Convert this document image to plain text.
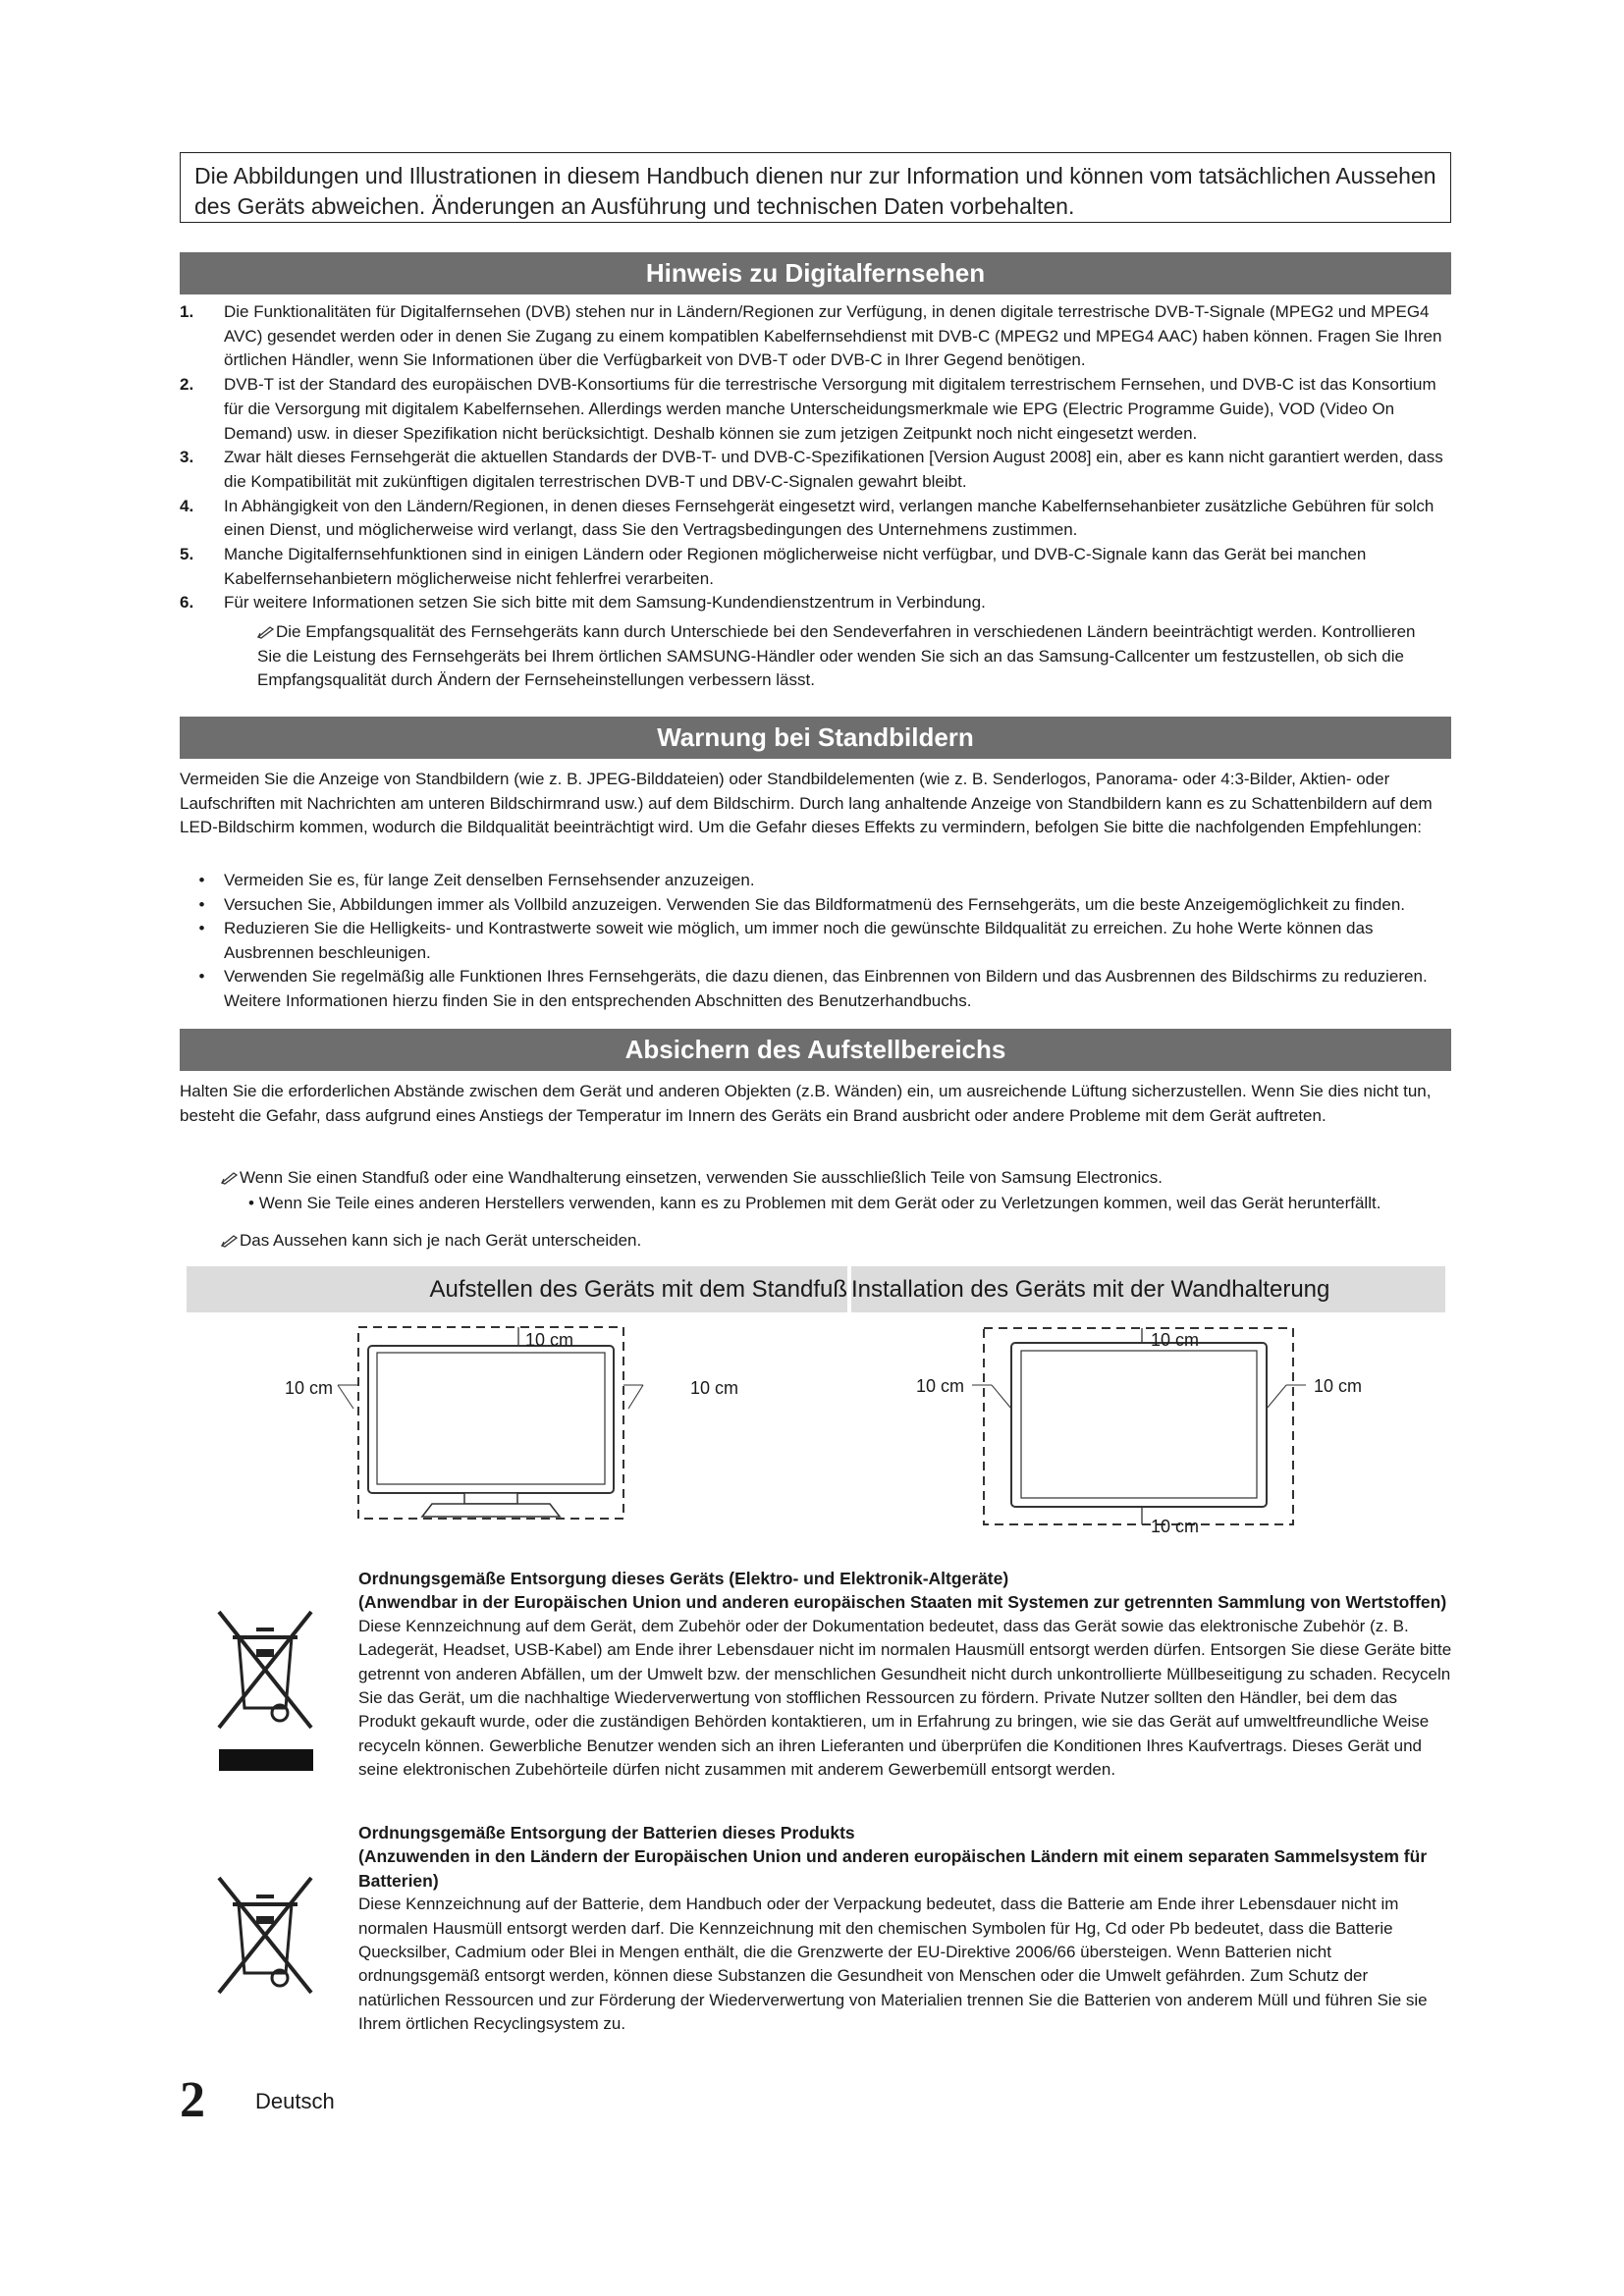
Die Abbildungen und Illustrationen in diesem Handbuch dienen nur zur Information und können vom tatsächlichen Aussehen des Geräts abweichen. Änderungen an Ausführung und technischen Daten vorbehalten.
Hinweis zu Digitalfernsehen
1.	Die Funktionalitäten für Digitalfernsehen (DVB) stehen nur in Ländern/Regionen zur Verfügung, in denen digitale terrestrische DVB-T-Signale (MPEG2 und MPEG4 AVC) gesendet werden oder in denen Sie Zugang zu einem kompatiblen Kabelfernsehdienst mit DVB-C (MPEG2 und MPEG4 AAC) haben können. Fragen Sie Ihren örtlichen Händler, wenn Sie Informationen über die Verfügbarkeit von DVB-T oder DVB-C in Ihrer Gegend benötigen.
2.	DVB-T ist der Standard des europäischen DVB-Konsortiums für die terrestrische Versorgung mit digitalem terrestrischem Fernsehen, und DVB-C ist das Konsortium für die Versorgung mit digitalem Kabelfernsehen. Allerdings werden manche Unterscheidungsmerkmale wie EPG (Electric Programme Guide), VOD (Video On Demand) usw. in dieser Spezifikation nicht berücksichtigt. Deshalb können sie zum jetzigen Zeitpunkt noch nicht eingesetzt werden.
3.	Zwar hält dieses Fernsehgerät die aktuellen Standards der DVB-T- und DVB-C-Spezifikationen [Version August 2008] ein, aber es kann nicht garantiert werden, dass die Kompatibilität mit zukünftigen digitalen terrestrischen DVB-T und DBV-C-Signalen gewahrt bleibt.
4.	In Abhängigkeit von den Ländern/Regionen, in denen dieses Fernsehgerät eingesetzt wird, verlangen manche Kabelfernsehanbieter zusätzliche Gebühren für solch einen Dienst, und möglicherweise wird verlangt, dass Sie den Vertragsbedingungen des Unternehmens zustimmen.
5.	Manche Digitalfernsehfunktionen sind in einigen Ländern oder Regionen möglicherweise nicht verfügbar, und DVB-C-Signale kann das Gerät bei manchen Kabelfernsehanbietern möglicherweise nicht fehlerfrei verarbeiten.
6.	Für weitere Informationen setzen Sie sich bitte mit dem Samsung-Kundendienstzentrum in Verbindung.
Die Empfangsqualität des Fernsehgeräts kann durch Unterschiede bei den Sendeverfahren in verschiedenen Ländern beeinträchtigt werden. Kontrollieren Sie die Leistung des Fernsehgeräts bei Ihrem örtlichen SAMSUNG-Händler oder wenden Sie sich an das Samsung-Callcenter um festzustellen, ob sich die Empfangsqualität durch Ändern der Fernseheinstellungen verbessern lässt.
Warnung bei Standbildern
Vermeiden Sie die Anzeige von Standbildern (wie z. B. JPEG-Bilddateien) oder Standbildelementen (wie z. B. Senderlogos, Panorama- oder 4:3-Bilder, Aktien- oder Laufschriften mit Nachrichten am unteren Bildschirmrand usw.) auf dem Bildschirm. Durch lang anhaltende Anzeige von Standbildern kann es zu Schattenbildern auf dem LED-Bildschirm kommen, wodurch die Bildqualität beeinträchtigt wird. Um die Gefahr dieses Effekts zu vermindern, befolgen Sie bitte die nachfolgenden Empfehlungen:
•	Vermeiden Sie es, für lange Zeit denselben Fernsehsender anzuzeigen.
•	Versuchen Sie, Abbildungen immer als Vollbild anzuzeigen. Verwenden Sie das Bildformatmenü des Fernsehgeräts, um die beste Anzeigemöglichkeit zu finden.
•	Reduzieren Sie die Helligkeits- und Kontrastwerte soweit wie möglich, um immer noch die gewünschte Bildqualität zu erreichen. Zu hohe Werte können das Ausbrennen beschleunigen.
•	Verwenden Sie regelmäßig alle Funktionen Ihres Fernsehgeräts, die dazu dienen, das Einbrennen von Bildern und das Ausbrennen des Bildschirms zu reduzieren. Weitere Informationen hierzu finden Sie in den entsprechenden Abschnitten des Benutzerhandbuchs.
Absichern des Aufstellbereichs
Halten Sie die erforderlichen Abstände zwischen dem Gerät und anderen Objekten (z.B. Wänden) ein, um ausreichende Lüftung sicherzustellen. Wenn Sie dies nicht tun, besteht die Gefahr, dass aufgrund eines Anstiegs der Temperatur im Innern des Geräts ein Brand ausbricht oder andere Probleme mit dem Gerät auftreten.
Wenn Sie einen Standfuß oder eine Wandhalterung einsetzen, verwenden Sie ausschließlich Teile von Samsung Electronics.
• Wenn Sie Teile eines anderen Herstellers verwenden, kann es zu Problemen mit dem Gerät oder zu Verletzungen kommen, weil das Gerät herunterfällt.
Das Aussehen kann sich je nach Gerät unterscheiden.
Aufstellen des Geräts mit dem Standfuß Installation des Geräts mit der Wandhalterung
10 cm
10 cm	10 cm
10 cm
10 cm	10 cm
10 cm
Ordnungsgemäße Entsorgung dieses Geräts (Elektro- und Elektronik-Altgeräte)
(Anwendbar in der Europäischen Union und anderen europäischen Staaten mit Systemen zur getrennten Sammlung von Wertstoffen)
Diese Kennzeichnung auf dem Gerät, dem Zubehör oder der Dokumentation bedeutet, dass das Gerät sowie das elektronische Zubehör (z. B. Ladegerät, Headset, USB-Kabel) am Ende ihrer Lebensdauer nicht im normalen Hausmüll entsorgt werden dürfen. Entsorgen Sie diese Geräte bitte getrennt von anderen Abfällen, um der Umwelt bzw. der menschlichen Gesundheit nicht durch unkontrollierte Müllbeseitigung zu schaden. Recyceln Sie das Gerät, um die nachhaltige Wiederverwertung von stofflichen Ressourcen zu fördern. Private Nutzer sollten den Händler, bei dem das Produkt gekauft wurde, oder die zuständigen Behörden kontaktieren, um in Erfahrung zu bringen, wie sie das Gerät auf umweltfreundliche Weise recyceln können. Gewerbliche Benutzer wenden sich an ihren Lieferanten und überprüfen die Konditionen Ihres Kaufvertrags. Dieses Gerät und seine elektronischen Zubehörteile dürfen nicht zusammen mit anderem Gewerbemüll entsorgt werden.
Ordnungsgemäße Entsorgung der Batterien dieses Produkts
(Anzuwenden in den Ländern der Europäischen Union und anderen europäischen Ländern mit einem separaten Sammelsystem für Batterien)
Diese Kennzeichnung auf der Batterie, dem Handbuch oder der Verpackung bedeutet, dass die Batterie am Ende ihrer Lebensdauer nicht im normalen Hausmüll entsorgt werden darf. Die Kennzeichnung mit den chemischen Symbolen für Hg, Cd oder Pb bedeutet, dass die Batterie Quecksilber, Cadmium oder Blei in Mengen enthält, die die Grenzwerte der EU-Direktive 2006/66 übersteigen. Wenn Batterien nicht ordnungsgemäß entsorgt werden, können diese Substanzen die Gesundheit von Menschen oder die Umwelt gefährden. Zum Schutz der natürlichen Ressourcen und zur Förderung der Wiederverwertung von Materialien trennen Sie die Batterien von anderem Müll und führen Sie sie Ihrem örtlichen Recyclingsystem zu.
2 Deutsch
